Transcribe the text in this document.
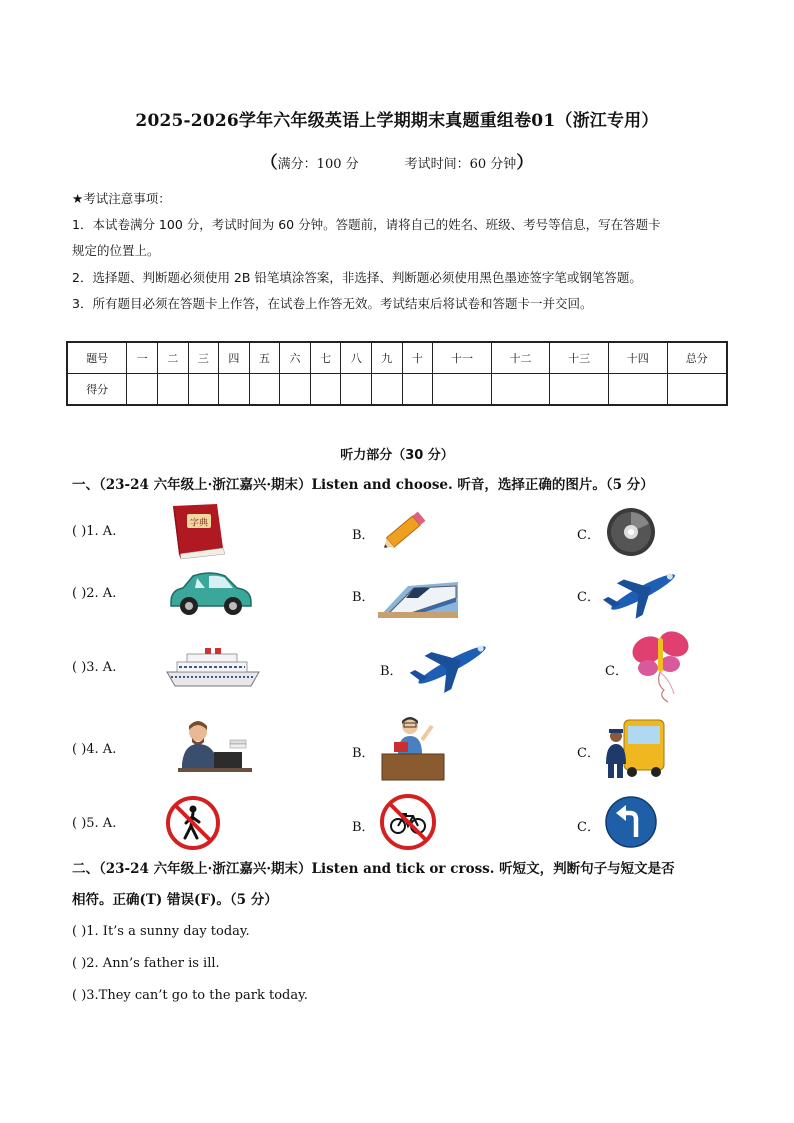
2025-2026学年六年级英语上学期期末真题重组卷01（浙江专用）
（满分：100 分	考试时间：60 分钟）
★考试注意事项：
1．本试卷满分 100 分，考试时间为 60 分钟。答题前，请将自己的姓名、班级、考号等信息，写在答题卡
规定的位置上。
2．选择题、判断题必须使用 2B 铅笔填涂答案，非选择、判断题必须使用黑色墨迹签字笔或钢笔答题。
3．所有题目必须在答题卡上作答，在试卷上作答无效。考试结束后将试卷和答题卡一并交回。
题号	一	二	三	四	五	六	七	八	九	十	十一	十二	十三	十四	总分
得分															
听力部分（30 分）
一、（23-24 六年级上·浙江嘉兴·期末）Listen and choose. 听音，选择正确的图片。（5 分）
( )1. A.
字典
B．	C．
( )2. A.	B．	C．
( )3. A.	B．	C．
( )4. A.	B．	C．
( )5. A.	B．	C．
二、（23-24 六年级上·浙江嘉兴·期末）Listen and tick or cross. 听短文，判断句子与短文是否
相符。正确(T) 错误(F)。（5 分）
( )1. It’s a sunny day today.
( )2. Ann’s father is ill.
( )3.They can’t go to the park today.
